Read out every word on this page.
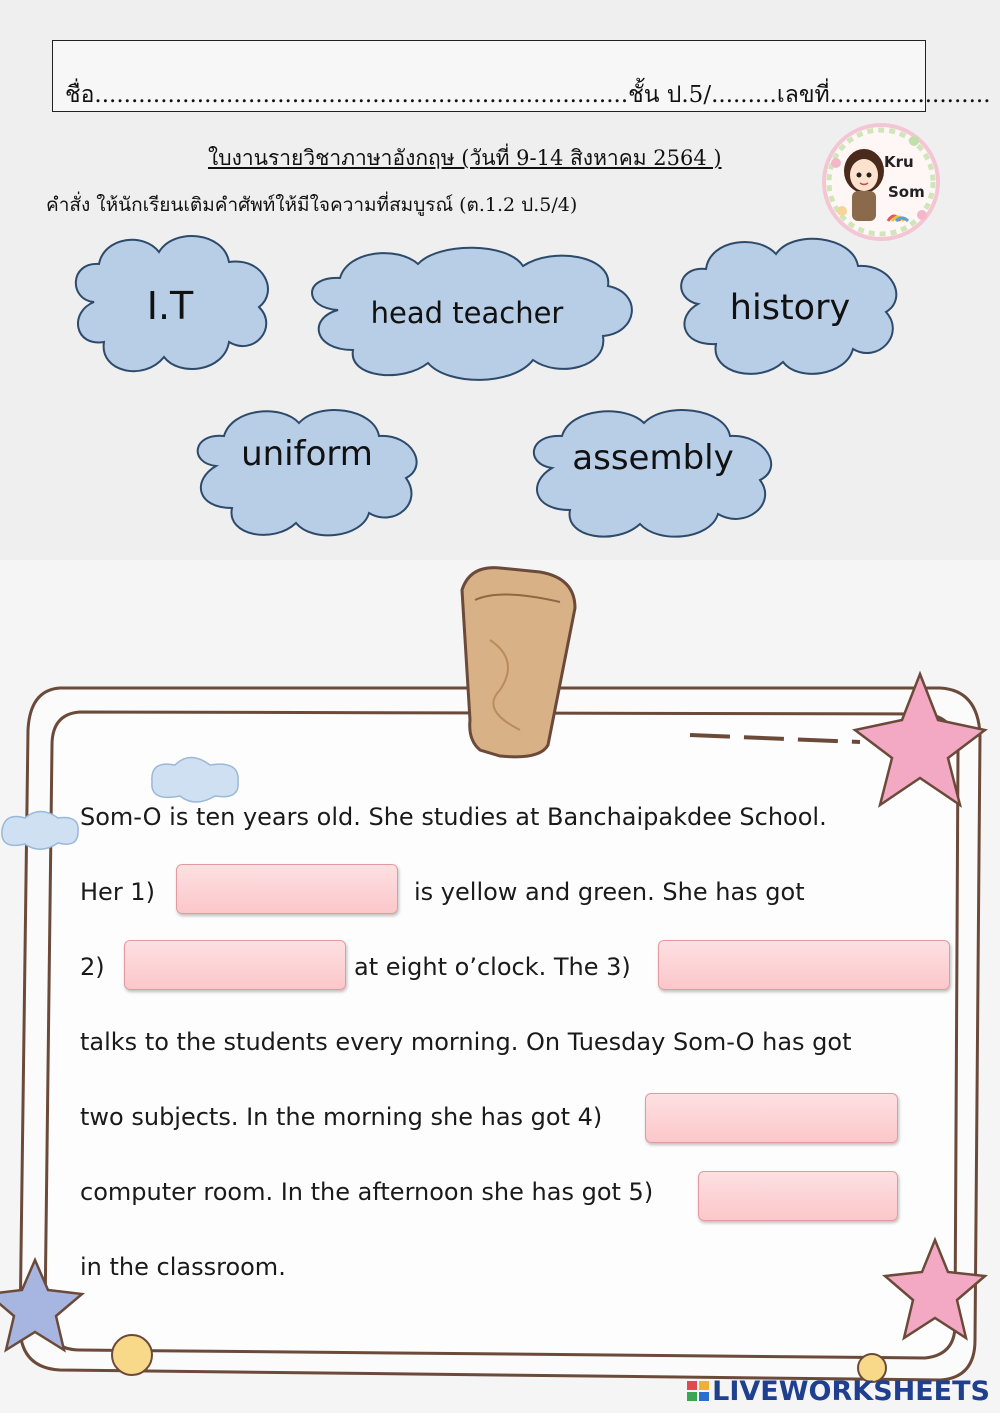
ชื่อ.........................................................................ชั้น ป.5/.........เลขที่......................
ใบงานรายวิชาภาษาอังกฤษ (วันที่ 9-14 สิงหาคม 2564 )
คำสั่ง ให้นักเรียนเติมคำศัพท์ให้มีใจความที่สมบูรณ์ (ต.1.2 ป.5/4)
Kru
Som
I.T	head teacher	history
uniform	assembly
Som-O is ten years old. She studies at Banchaipakdee School.
Her 1)	is yellow and green. She has got
2)	at eight o’clock. The 3)
talks to the students every morning. On Tuesday Som-O has got
two subjects. In the morning she has got 4)
computer room. In the afternoon she has got 5)
in the classroom.
LIVEWORKSHEETS
